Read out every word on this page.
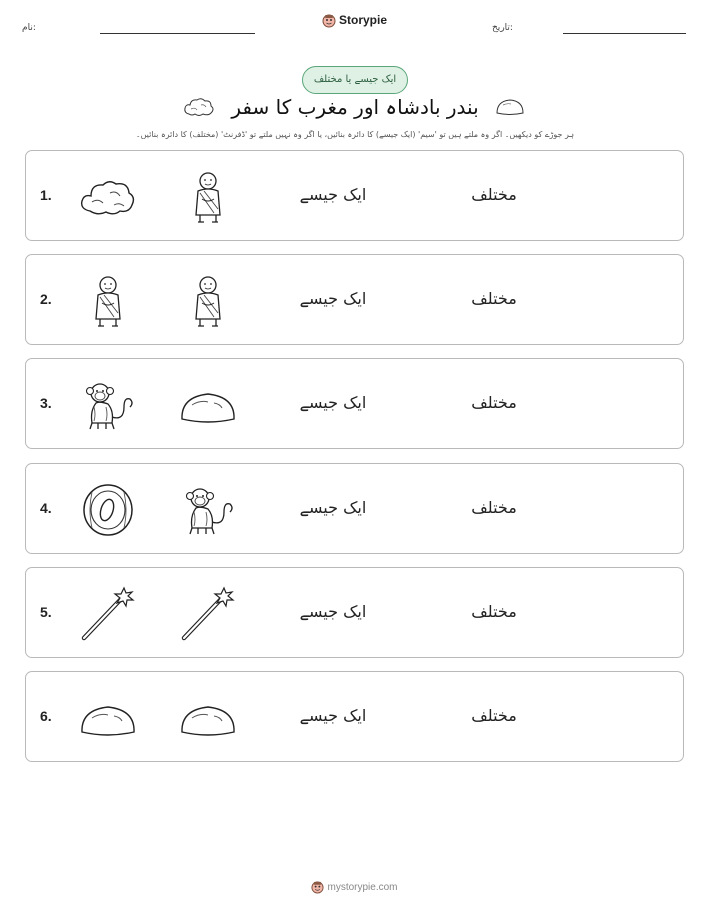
نام:
Storypie
تاریخ:
ایک جیسے یا مختلف
بندر بادشاہ اور مغرب کا سفر
ہر جوڑے کو دیکھیں۔ اگر وہ ملتے ہیں تو 'سیم' (ایک جیسے) کا دائرہ بنائیں، یا اگر وہ نہیں ملتے تو 'ڈفرنٹ' (مختلف) کا دائرہ بنائیں۔
1.	ایک جیسے	مختلف
2.	ایک جیسے	مختلف
3.	ایک جیسے	مختلف
4.	ایک جیسے	مختلف
5.	ایک جیسے	مختلف
6.	ایک جیسے	مختلف
mystorypie.com
